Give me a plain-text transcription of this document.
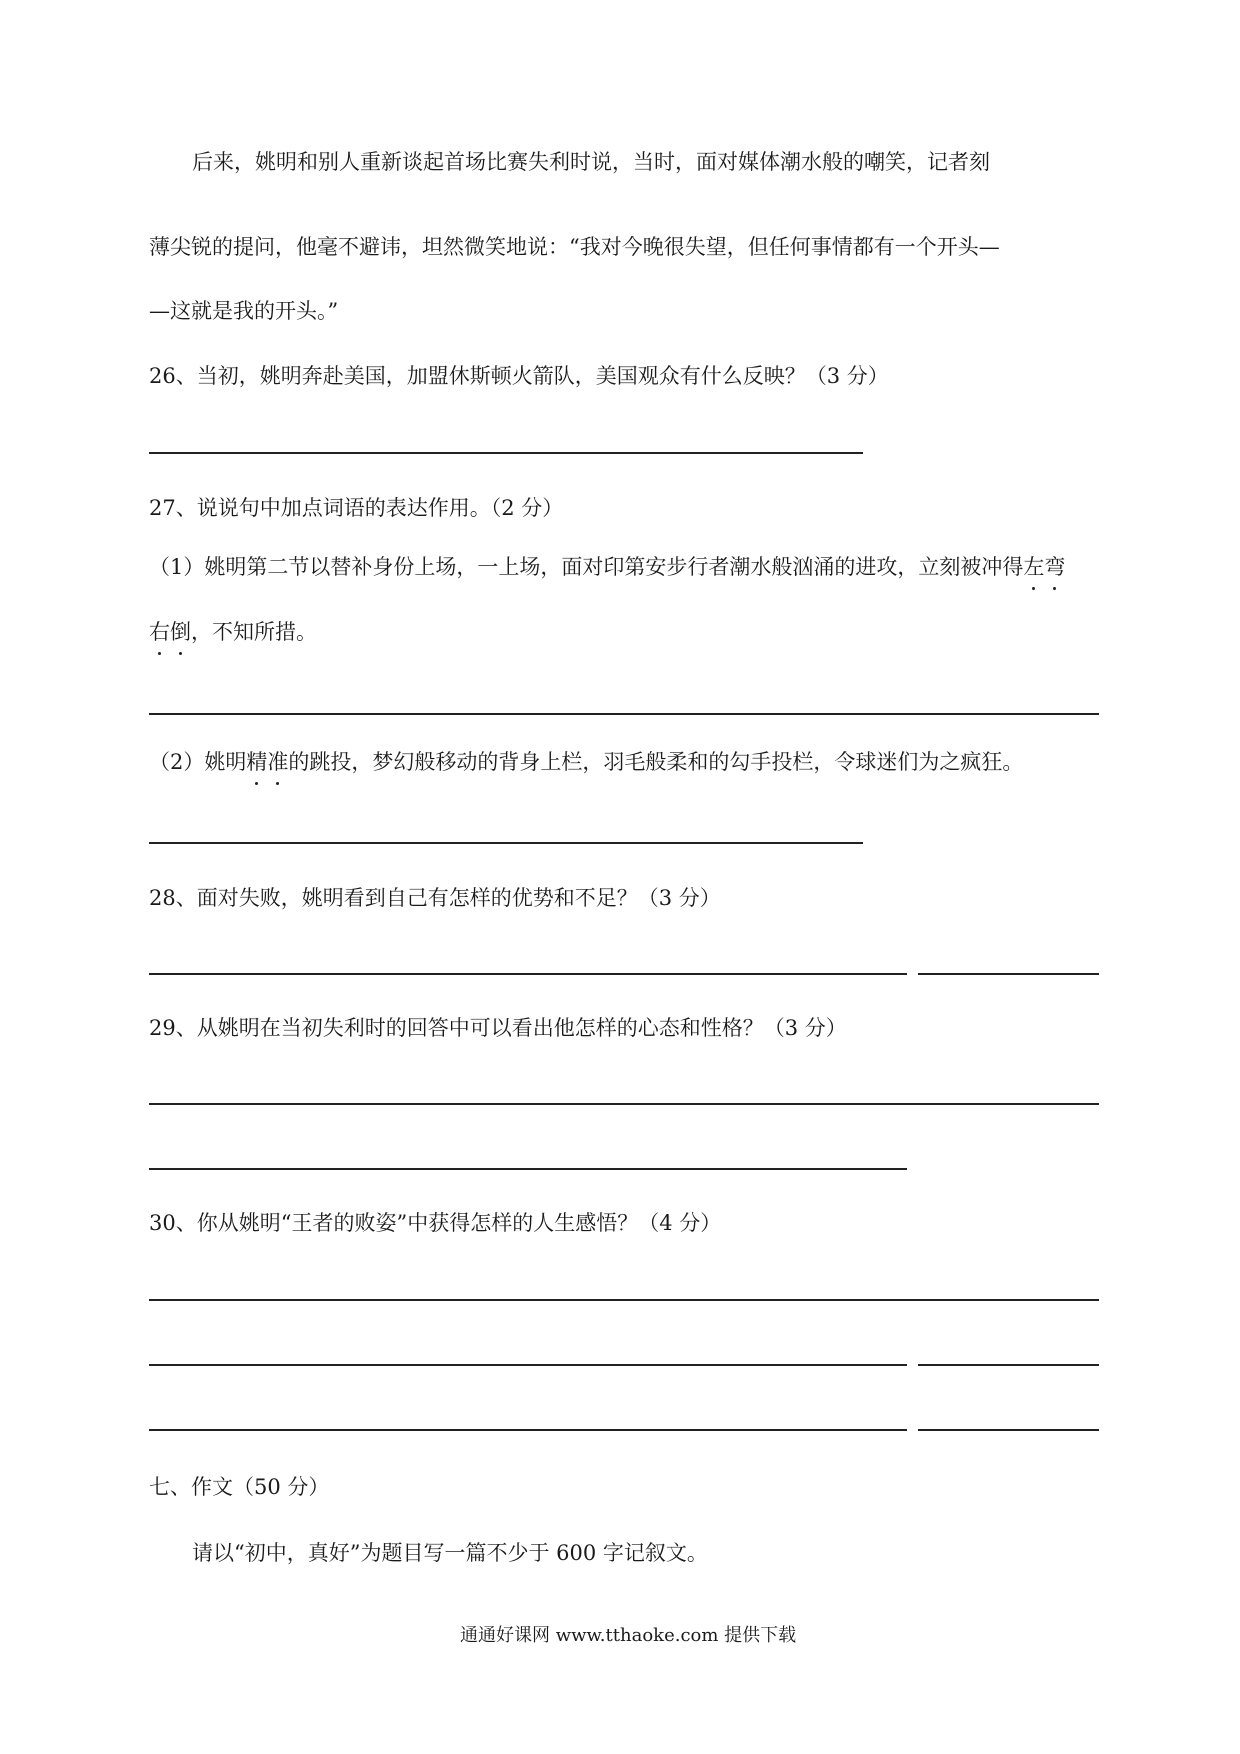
后来，姚明和别人重新谈起首场比赛失利时说，当时，面对媒体潮水般的嘲笑，记者刻
薄尖锐的提问，他毫不避讳，坦然微笑地说：“我对今晚很失望，但任何事情都有一个开头—
—这就是我的开头。”
26、当初，姚明奔赴美国，加盟休斯顿火箭队，美国观众有什么反映？（3 分）
27、说说句中加点词语的表达作用。（2 分）
（1）姚明第二节以替补身份上场，一上场，面对印第安步行者潮水般汹涌的进攻，立刻被冲得左弯
右倒，不知所措。
（2）姚明精准的跳投，梦幻般移动的背身上栏，羽毛般柔和的勾手投栏，令球迷们为之疯狂。
28、面对失败，姚明看到自己有怎样的优势和不足？（3 分）
29、从姚明在当初失利时的回答中可以看出他怎样的心态和性格？（3 分）
30、你从姚明“王者的败姿”中获得怎样的人生感悟？（4 分）
七、作文（50 分）
请以“初中，真好”为题目写一篇不少于 600 字记叙文。
通通好课网 www.tthaoke.com 提供下载
